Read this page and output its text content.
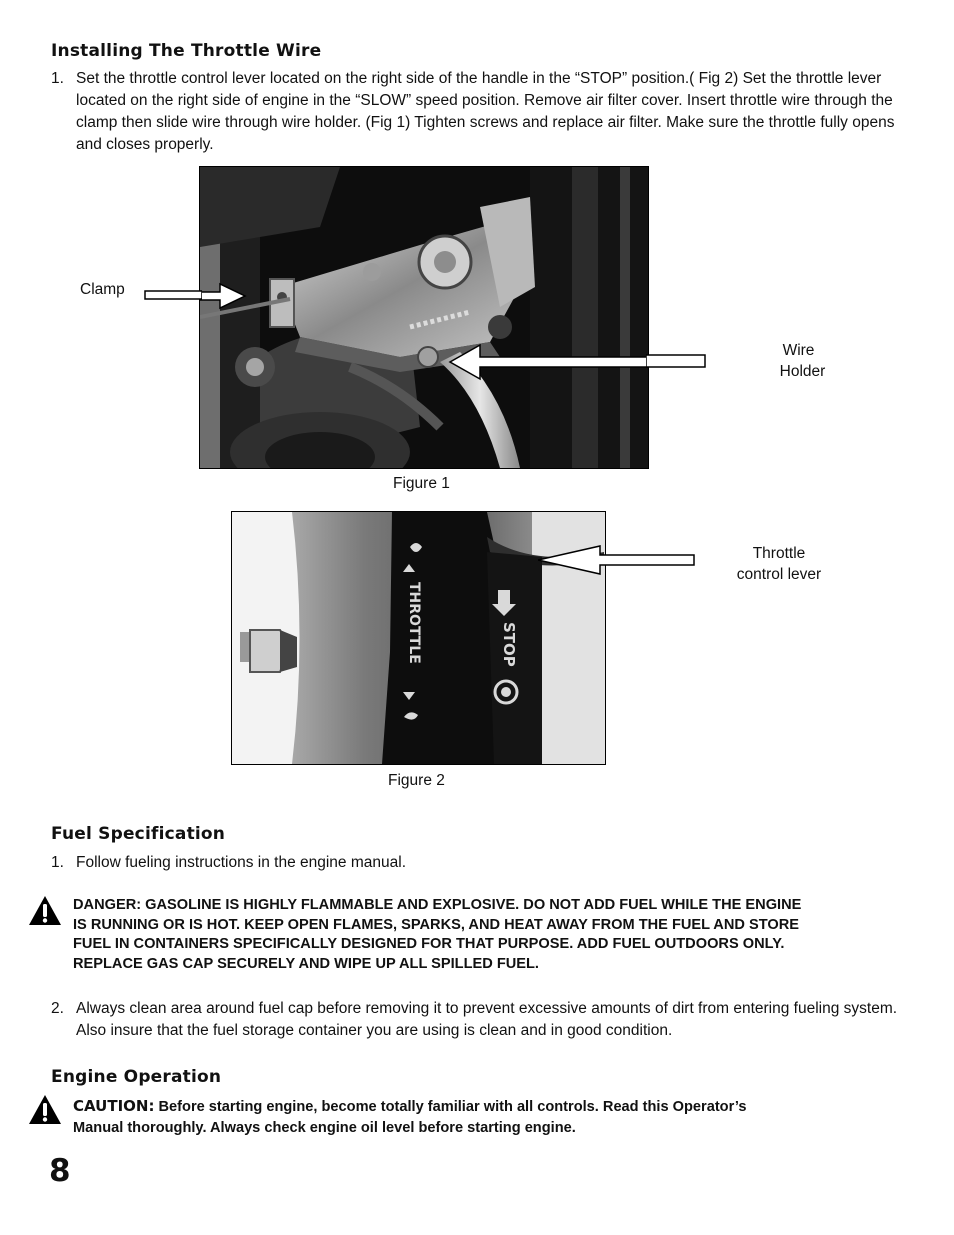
Installing The Throttle Wire
1. Set the throttle control lever located on the right side of the handle in the “STOP” position.( Fig 2) Set the throttle lever located on the right side of engine in the “SLOW” speed position. Remove air filter cover. Insert throttle wire through the clamp then slide wire through wire holder. (Fig 1) Tighten screws and replace air filter. Make sure the throttle fully opens and closes properly.
Clamp
Wire
Holder
Figure 1
THROTTLE	STOP
Throttle
control lever
Figure 2
Fuel Specification
1. Follow fueling instructions in the engine manual.
DANGER: GASOLINE IS HIGHLY FLAMMABLE AND EXPLOSIVE. DO NOT ADD FUEL WHILE THE ENGINE
IS RUNNING OR IS HOT. KEEP OPEN FLAMES, SPARKS, AND HEAT AWAY FROM THE FUEL AND STORE
FUEL IN CONTAINERS SPECIFICALLY DESIGNED FOR THAT PURPOSE. ADD FUEL OUTDOORS ONLY.
REPLACE GAS CAP SECURELY AND WIPE UP ALL SPILLED FUEL.
2. Always clean area around fuel cap before removing it to prevent excessive amounts of dirt from entering fueling system. Also insure that the fuel storage container you are using is clean and in good condition.
Engine Operation
CAUTION: Before starting engine, become totally familiar with all controls. Read this Operator’s
Manual thoroughly. Always check engine oil level before starting engine.
8
